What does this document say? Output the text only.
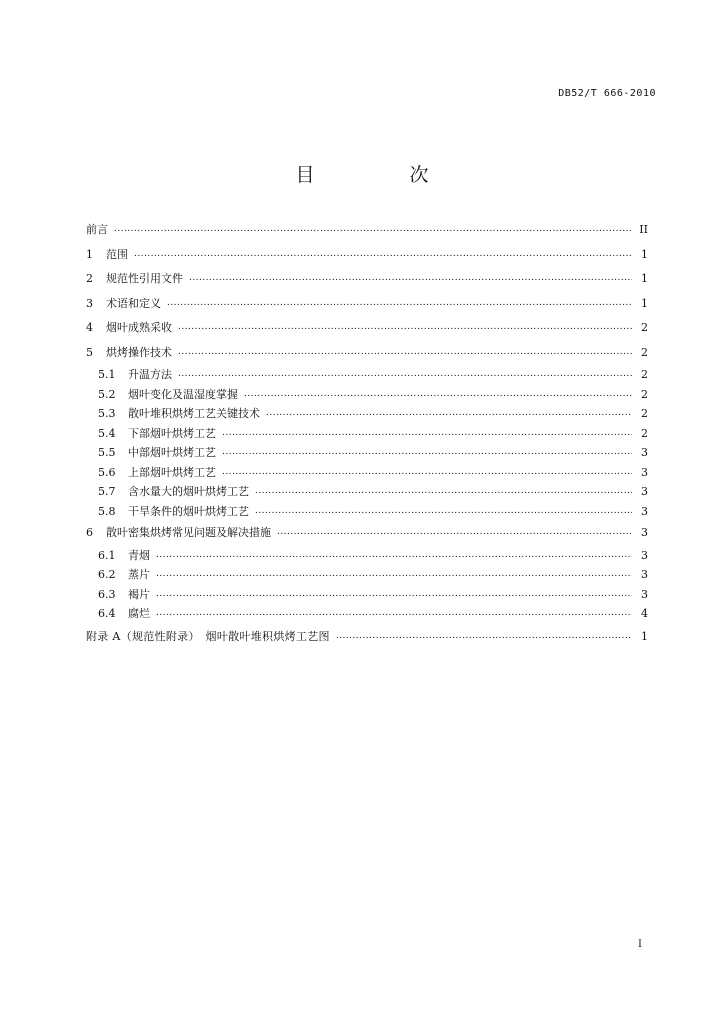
DB52/T 666-2010
目　次
前言 . . .	II
1	范围 . . .	1
2	规范性引用文件 . . .	1
3	术语和定义 . . .	1
4	烟叶成熟采收 . . .	2
5	烘烤操作技术 . . .	2
5.1	升温方法 . . .	2
5.2	烟叶变化及温湿度掌握 . . .	2
5.3	散叶堆积烘烤工艺关键技术 . . .	2
5.4	下部烟叶烘烤工艺 . . .	2
5.5	中部烟叶烘烤工艺 . . .	3
5.6	上部烟叶烘烤工艺 . . .	3
5.7	含水量大的烟叶烘烤工艺 . . .	3
5.8	干旱条件的烟叶烘烤工艺 . . .	3
6	散叶密集烘烤常见问题及解决措施 . . .	3
6.1	青烟 . . .	3
6.2	蒸片 . . .	3
6.3	褐片 . . .	3
6.4	腐烂 . . .	4
附录 A（规范性附录）　烟叶散叶堆积烘烤工艺图 . . .	1
I
